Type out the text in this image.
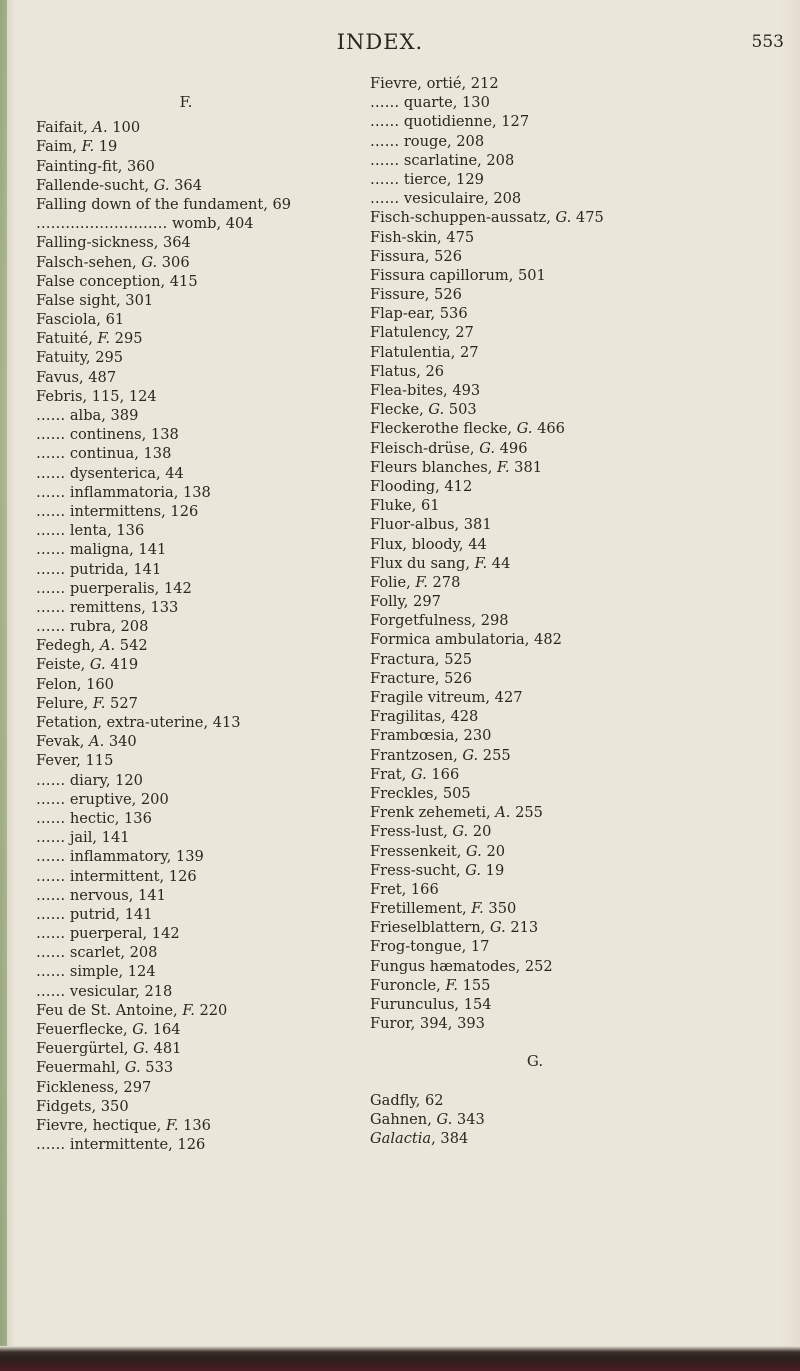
INDEX.	553
F.
Faifait, A. 100
Faim, F. 19
Fainting-fit, 360
Fallende-sucht, G. 364
Falling down of the fundament, 69
……………………… womb, 404
Falling-sickness, 364
Falsch-sehen, G. 306
False conception, 415
False sight, 301
Fasciola, 61
Fatuité, F. 295
Fatuity, 295
Favus, 487
Febris, 115, 124
…… alba, 389
…… continens, 138
…… continua, 138
…… dysenterica, 44
…… inflammatoria, 138
…… intermittens, 126
…… lenta, 136
…… maligna, 141
…… putrida, 141
…… puerperalis, 142
…… remittens, 133
…… rubra, 208
Fedegh, A. 542
Feiste, G. 419
Felon, 160
Felure, F. 527
Fetation, extra-uterine, 413
Fevak, A. 340
Fever, 115
…… diary, 120
…… eruptive, 200
…… hectic, 136
…… jail, 141
…… inflammatory, 139
…… intermittent, 126
…… nervous, 141
…… putrid, 141
…… puerperal, 142
…… scarlet, 208
…… simple, 124
…… vesicular, 218
Feu de St. Antoine, F. 220
Feuerflecke, G. 164
Feuergürtel, G. 481
Feuermahl, G. 533
Fickleness, 297
Fidgets, 350
Fievre, hectique, F. 136
…… intermittente, 126
Fievre, ortié, 212
…… quarte, 130
…… quotidienne, 127
…… rouge, 208
…… scarlatine, 208
…… tierce, 129
…… vesiculaire, 208
Fisch-schuppen-aussatz, G. 475
Fish-skin, 475
Fissura, 526
Fissura capillorum, 501
Fissure, 526
Flap-ear, 536
Flatulency, 27
Flatulentia, 27
Flatus, 26
Flea-bites, 493
Flecke, G. 503
Fleckerothe flecke, G. 466
Fleisch-drüse, G. 496
Fleurs blanches, F. 381
Flooding, 412
Fluke, 61
Fluor-albus, 381
Flux, bloody, 44
Flux du sang, F. 44
Folie, F. 278
Folly, 297
Forgetfulness, 298
Formica ambulatoria, 482
Fractura, 525
Fracture, 526
Fragile vitreum, 427
Fragilitas, 428
Frambœsia, 230
Frantzosen, G. 255
Frat, G. 166
Freckles, 505
Frenk zehemeti, A. 255
Fress-lust, G. 20
Fressenkeit, G. 20
Fress-sucht, G. 19
Fret, 166
Fretillement, F. 350
Frieselblattern, G. 213
Frog-tongue, 17
Fungus hæmatodes, 252
Furoncle, F. 155
Furunculus, 154
Furor, 394, 393
G.
Gadfly, 62
Gahnen, G. 343
Galactia, 384
